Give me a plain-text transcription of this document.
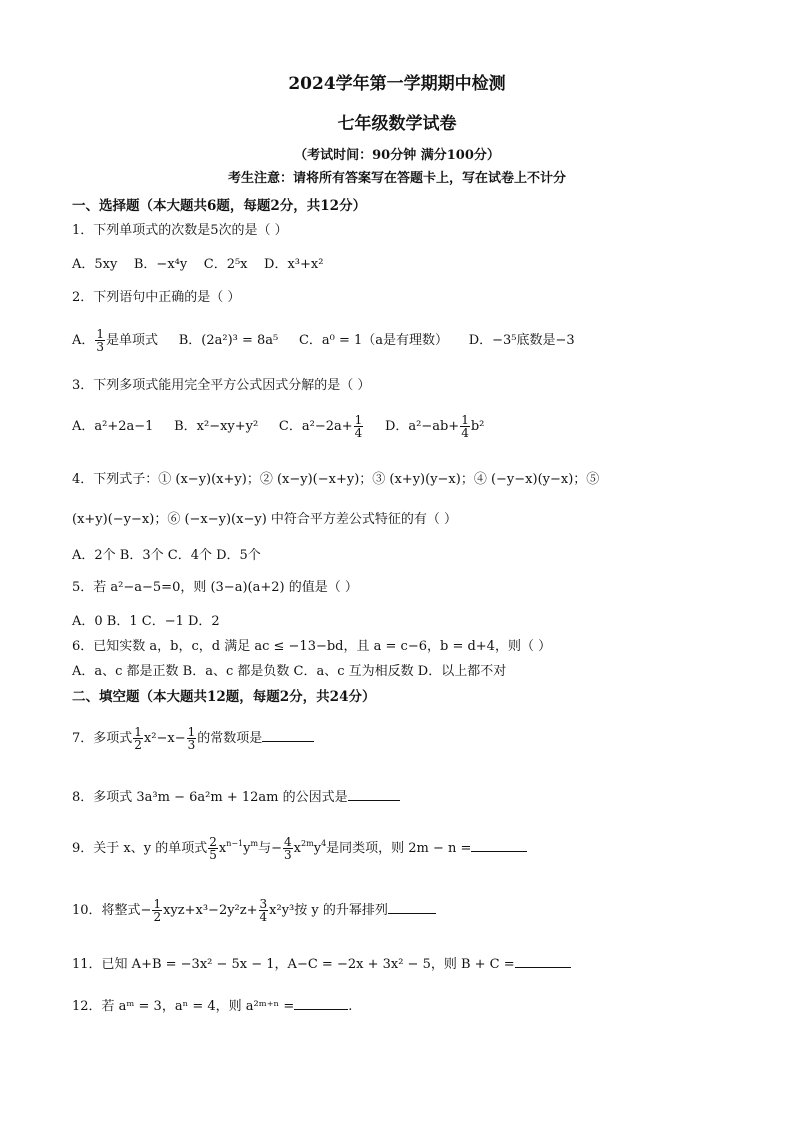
2024学年第一学期期中检测
七年级数学试卷
（考试时间：90分钟 满分100分）
考生注意：请将所有答案写在答题卡上，写在试卷上不计分
一、选择题（本大题共6题，每题2分，共12分）
1．下列单项式的次数是5次的是（ ）
A．5xy B．−x⁴y C．2⁵x D．x³+x²
2．下列语句中正确的是（ ）
A． $\frac{1}{3}$ 是单项式 B．(2a²)³ = 8a⁵ C．a⁰ = 1（a是有理数） D．−3⁵底数是−3
3．下列多项式能用完全平方公式因式分解的是（ ）
A．a²+2a−1 B．x²−xy+y² C．$a^2-2a+ \frac{1}{4}$ D．$a^2-ab+ \frac{1}{4} b^2$
4．下列式子：① (x−y)(x+y)；② (x−y)(−x+y)；③ (x+y)(y−x)；④ (−y−x)(y−x)；⑤
(x+y)(−y−x)；⑥ (−x−y)(x−y) 中符合平方差公式特征的有（ ）
A．2个 B．3个 C．4个 D．5个
5．若 a²−a−5=0，则 (3−a)(a+2) 的值是（ ）
A．0 B．1 C．−1 D．2
6．已知实数 a，b，c，d 满足 ac ≤ −13−bd，且 a = c−6，b = d+4，则（ ）
A．a、c 都是正数 B．a、c 都是负数 C．a、c 互为相反数 D．以上都不对
二、填空题（本大题共12题，每题2分，共24分）
7．多项式 $\frac{1}{2} x^2-x- \frac{1}{3}$ 的常数项是
8．多项式 3a³m − 6a²m + 12am 的公因式是
9．关于 x、y 的单项式 $\frac{2}{5} x^{n-1}y^m$与− $\frac{4}{3} x^{2m}y^4$是同类项，则 2m − n =
10．将整式− $\frac{1}{2} xyz+x^3-2y^2z+ \frac{3}{4} x^2y^3$按 y 的升幂排列
11．已知 A+B = −3x² − 5x − 1，A−C = −2x + 3x² − 5，则 B + C =
12．若 aᵐ = 3，aⁿ = 4，则 a²ᵐ⁺ⁿ =	.
